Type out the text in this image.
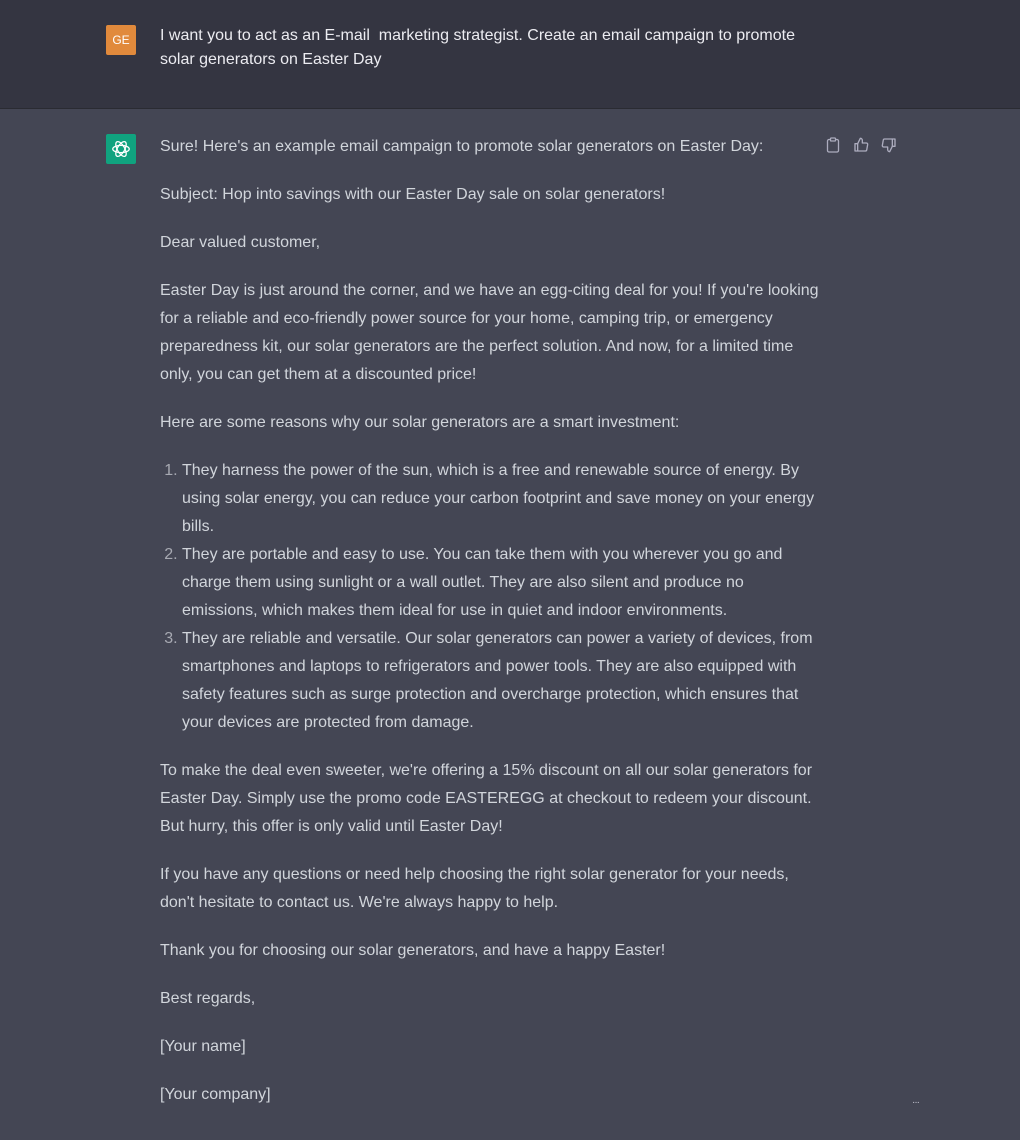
GE	I want you to act as an E-mail  marketing strategist. Create an email campaign to promote solar generators on Easter Day

Sure! Here's an example email campaign to promote solar generators on Easter Day:

Subject: Hop into savings with our Easter Day sale on solar generators!

Dear valued customer,

Easter Day is just around the corner, and we have an egg-citing deal for you! If you're looking for a reliable and eco-friendly power source for your home, camping trip, or emergency preparedness kit, our solar generators are the perfect solution. And now, for a limited time only, you can get them at a discounted price!

Here are some reasons why our solar generators are a smart investment:

1. They harness the power of the sun, which is a free and renewable source of energy. By using solar energy, you can reduce your carbon footprint and save money on your energy bills.
2. They are portable and easy to use. You can take them with you wherever you go and charge them using sunlight or a wall outlet. They are also silent and produce no emissions, which makes them ideal for use in quiet and indoor environments.
3. They are reliable and versatile. Our solar generators can power a variety of devices, from smartphones and laptops to refrigerators and power tools. They are also equipped with safety features such as surge protection and overcharge protection, which ensures that your devices are protected from damage.

To make the deal even sweeter, we're offering a 15% discount on all our solar generators for Easter Day. Simply use the promo code EASTEREGG at checkout to redeem your discount. But hurry, this offer is only valid until Easter Day!

If you have any questions or need help choosing the right solar generator for your needs, don't hesitate to contact us. We're always happy to help.

Thank you for choosing our solar generators, and have a happy Easter!

Best regards,

[Your name]

[Your company]	···
